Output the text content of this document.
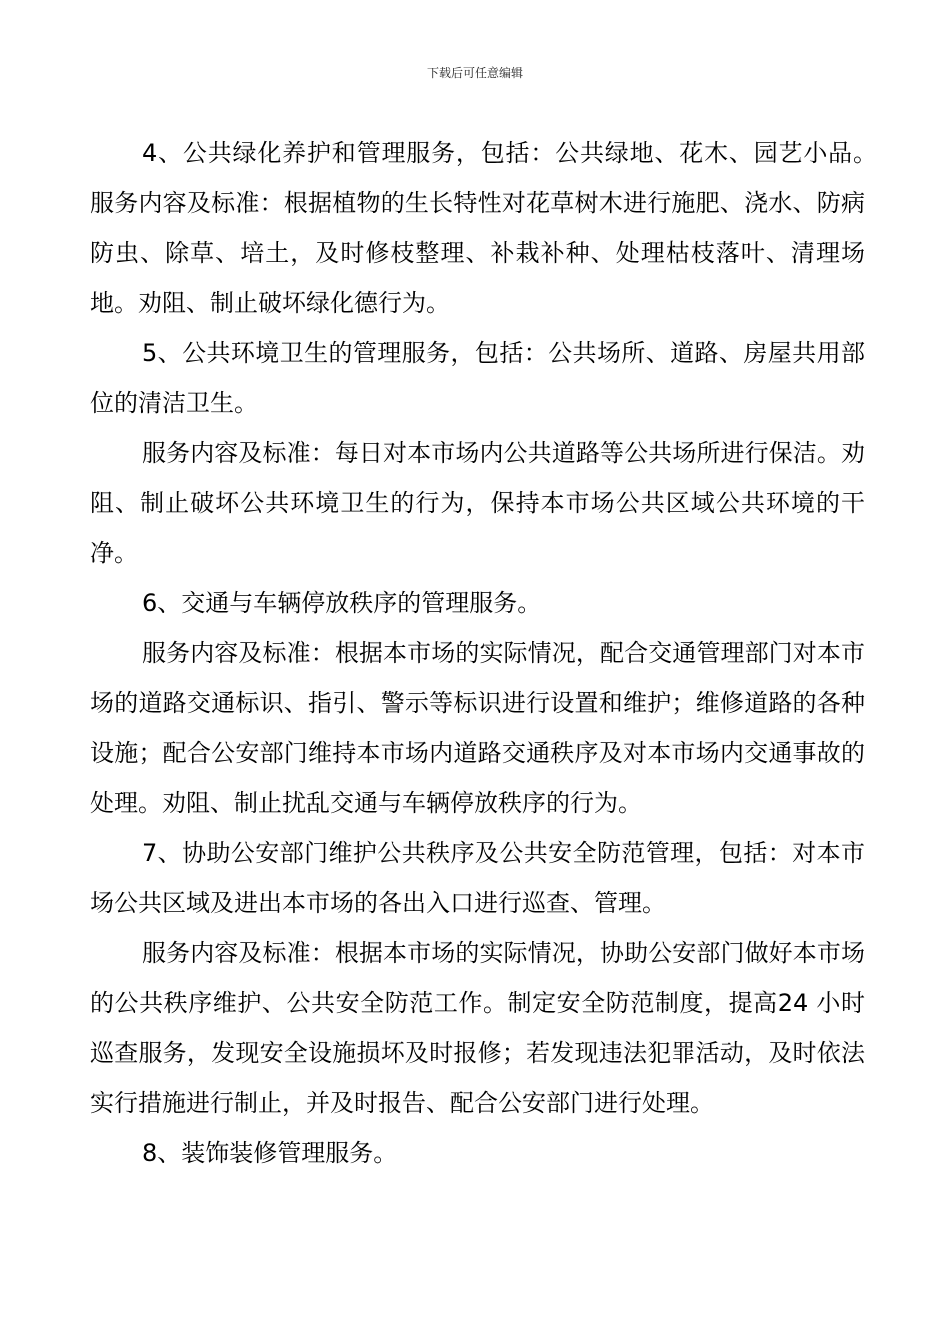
下载后可任意编辑

4、公共绿化养护和管理服务，包括：公共绿地、花木、园艺小品。　　服务内容及标准：根据植物的生长特性对花草树木进行施肥、浇水、防病防虫、除草、培土，及时修枝整理、补栽补种、处理枯枝落叶、清理场地。劝阻、制止破坏绿化德行为。

5、公共环境卫生的管理服务，包括：公共场所、道路、房屋共用部位的清洁卫生。

服务内容及标准：每日对本市场内公共道路等公共场所进行保洁。劝阻、制止破坏公共环境卫生的行为，保持本市场公共区域公共环境的干净。

6、交通与车辆停放秩序的管理服务。

服务内容及标准：根据本市场的实际情况，配合交通管理部门对本市场的道路交通标识、指引、警示等标识进行设置和维护；维修道路的各种设施；配合公安部门维持本市场内道路交通秩序及对本市场内交通事故的处理。劝阻、制止扰乱交通与车辆停放秩序的行为。

7、协助公安部门维护公共秩序及公共安全防范管理，包括：对本市场公共区域及进出本市场的各出入口进行巡查、管理。

服务内容及标准：根据本市场的实际情况，协助公安部门做好本市场的公共秩序维护、公共安全防范工作。制定安全防范制度，提高24 小时巡查服务，发现安全设施损坏及时报修；若发现违法犯罪活动，及时依法实行措施进行制止，并及时报告、配合公安部门进行处理。

8、装饰装修管理服务。
